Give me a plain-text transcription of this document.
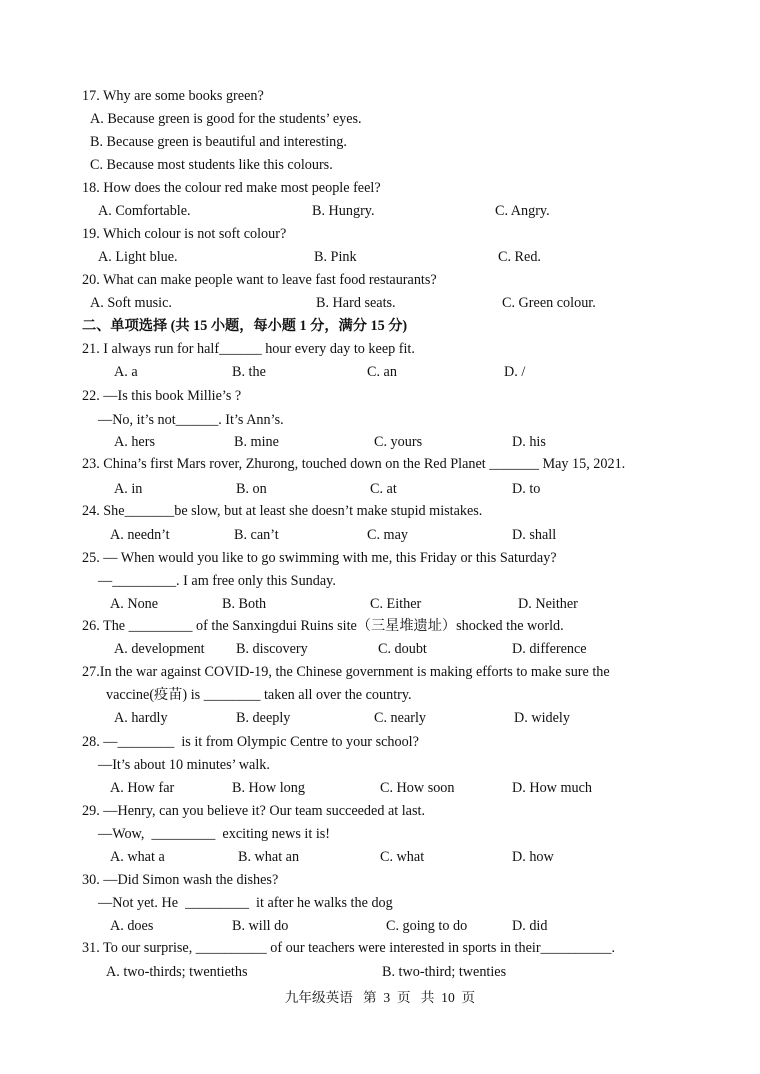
17. Why are some books green?
A. Because green is good for the students’ eyes.
B. Because green is beautiful and interesting.
C. Because most students like this colours.
18. How does the colour red make most people feel?
19. Which colour is not soft colour?
20. What can make people want to leave fast food restaurants?
二、单项选择 (共 15 小题，每小题 1 分，满分 15 分)
21. I always run for half______ hour every day to keep fit.
22. —Is this book Millie’s ?
—No, it’s not______. It’s Ann’s.
23. China’s first Mars rover, Zhurong, touched down on the Red Planet _______ May 15, 2021.
24. She_______be slow, but at least she doesn’t make stupid mistakes.
25. — When would you like to go swimming with me, this Friday or this Saturday?
—_________. I am free only this Sunday.
26. The _________ of the Sanxingdui Ruins site（三星堆遗址）shocked the world.
27.In the war against COVID-19, the Chinese government is making efforts to make sure the
vaccine(疫苗) is ________ taken all over the country.
28. —________  is it from Olympic Centre to your school?
—It’s about 10 minutes’ walk.
29. —Henry, can you believe it? Our team succeeded at last.
—Wow,  _________  exciting news it is!
30. —Did Simon wash the dishes?
—Not yet. He  _________  it after he walks the dog
31. To our surprise, __________ of our teachers were interested in sports in their__________.
A. Comfortable.	B. Hungry.	C. Angry.
A. Light blue.	B. Pink	C. Red.
A. Soft music.	B. Hard seats.	C. Green colour.
A. a	B. the	C. an	D. /
A. hers	B. mine	C. yours	D. his
A. in	B. on	C. at	D. to
A. needn’t	B. can’t	C. may	D. shall
A. None	B. Both	C. Either	D. Neither
A. development B. discovery	C. doubt	D. difference
A. hardly	B. deeply	C. nearly	D. widely
A. How far	B. How long	C. How soon	D. How much
A. what a	B. what an	C. what	D. how
A. does	B. will do	C. going to do	D. did
A. two-thirds; twentieths	B. two-third; twenties
九年级英语   第  3  页   共  10  页
